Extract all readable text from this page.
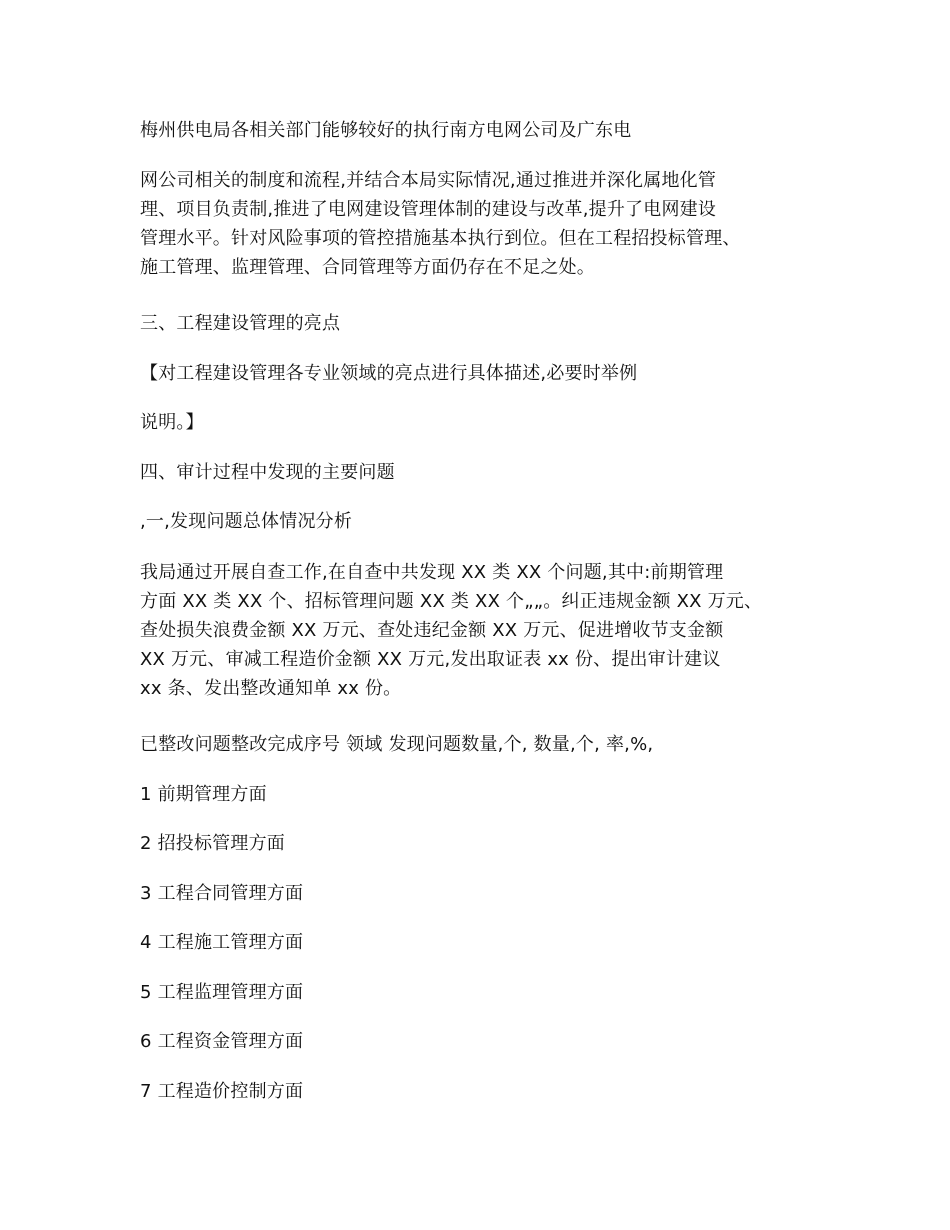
梅州供电局各相关部门能够较好的执行南方电网公司及广东电
网公司相关的制度和流程,并结合本局实际情况,通过推进并深化属地化管
理、项目负责制,推进了电网建设管理体制的建设与改革,提升了电网建设
管理水平。针对风险事项的管控措施基本执行到位。但在工程招投标管理、
施工管理、监理管理、合同管理等方面仍存在不足之处。
三、工程建设管理的亮点
【对工程建设管理各专业领域的亮点进行具体描述,必要时举例
说明。】
四、审计过程中发现的主要问题
,一,发现问题总体情况分析
我局通过开展自查工作,在自查中共发现 XX 类 XX 个问题,其中:前期管理
方面 XX 类 XX 个、招标管理问题 XX 类 XX 个„„。纠正违规金额 XX 万元、
查处损失浪费金额 XX 万元、查处违纪金额 XX 万元、促进增收节支金额
XX 万元、审减工程造价金额 XX 万元,发出取证表 xx 份、提出审计建议
xx 条、发出整改通知单 xx 份。
已整改问题整改完成序号 领域 发现问题数量,个, 数量,个, 率,%,
1 前期管理方面
2 招投标管理方面
3 工程合同管理方面
4 工程施工管理方面
5 工程监理管理方面
6 工程资金管理方面
7 工程造价控制方面
